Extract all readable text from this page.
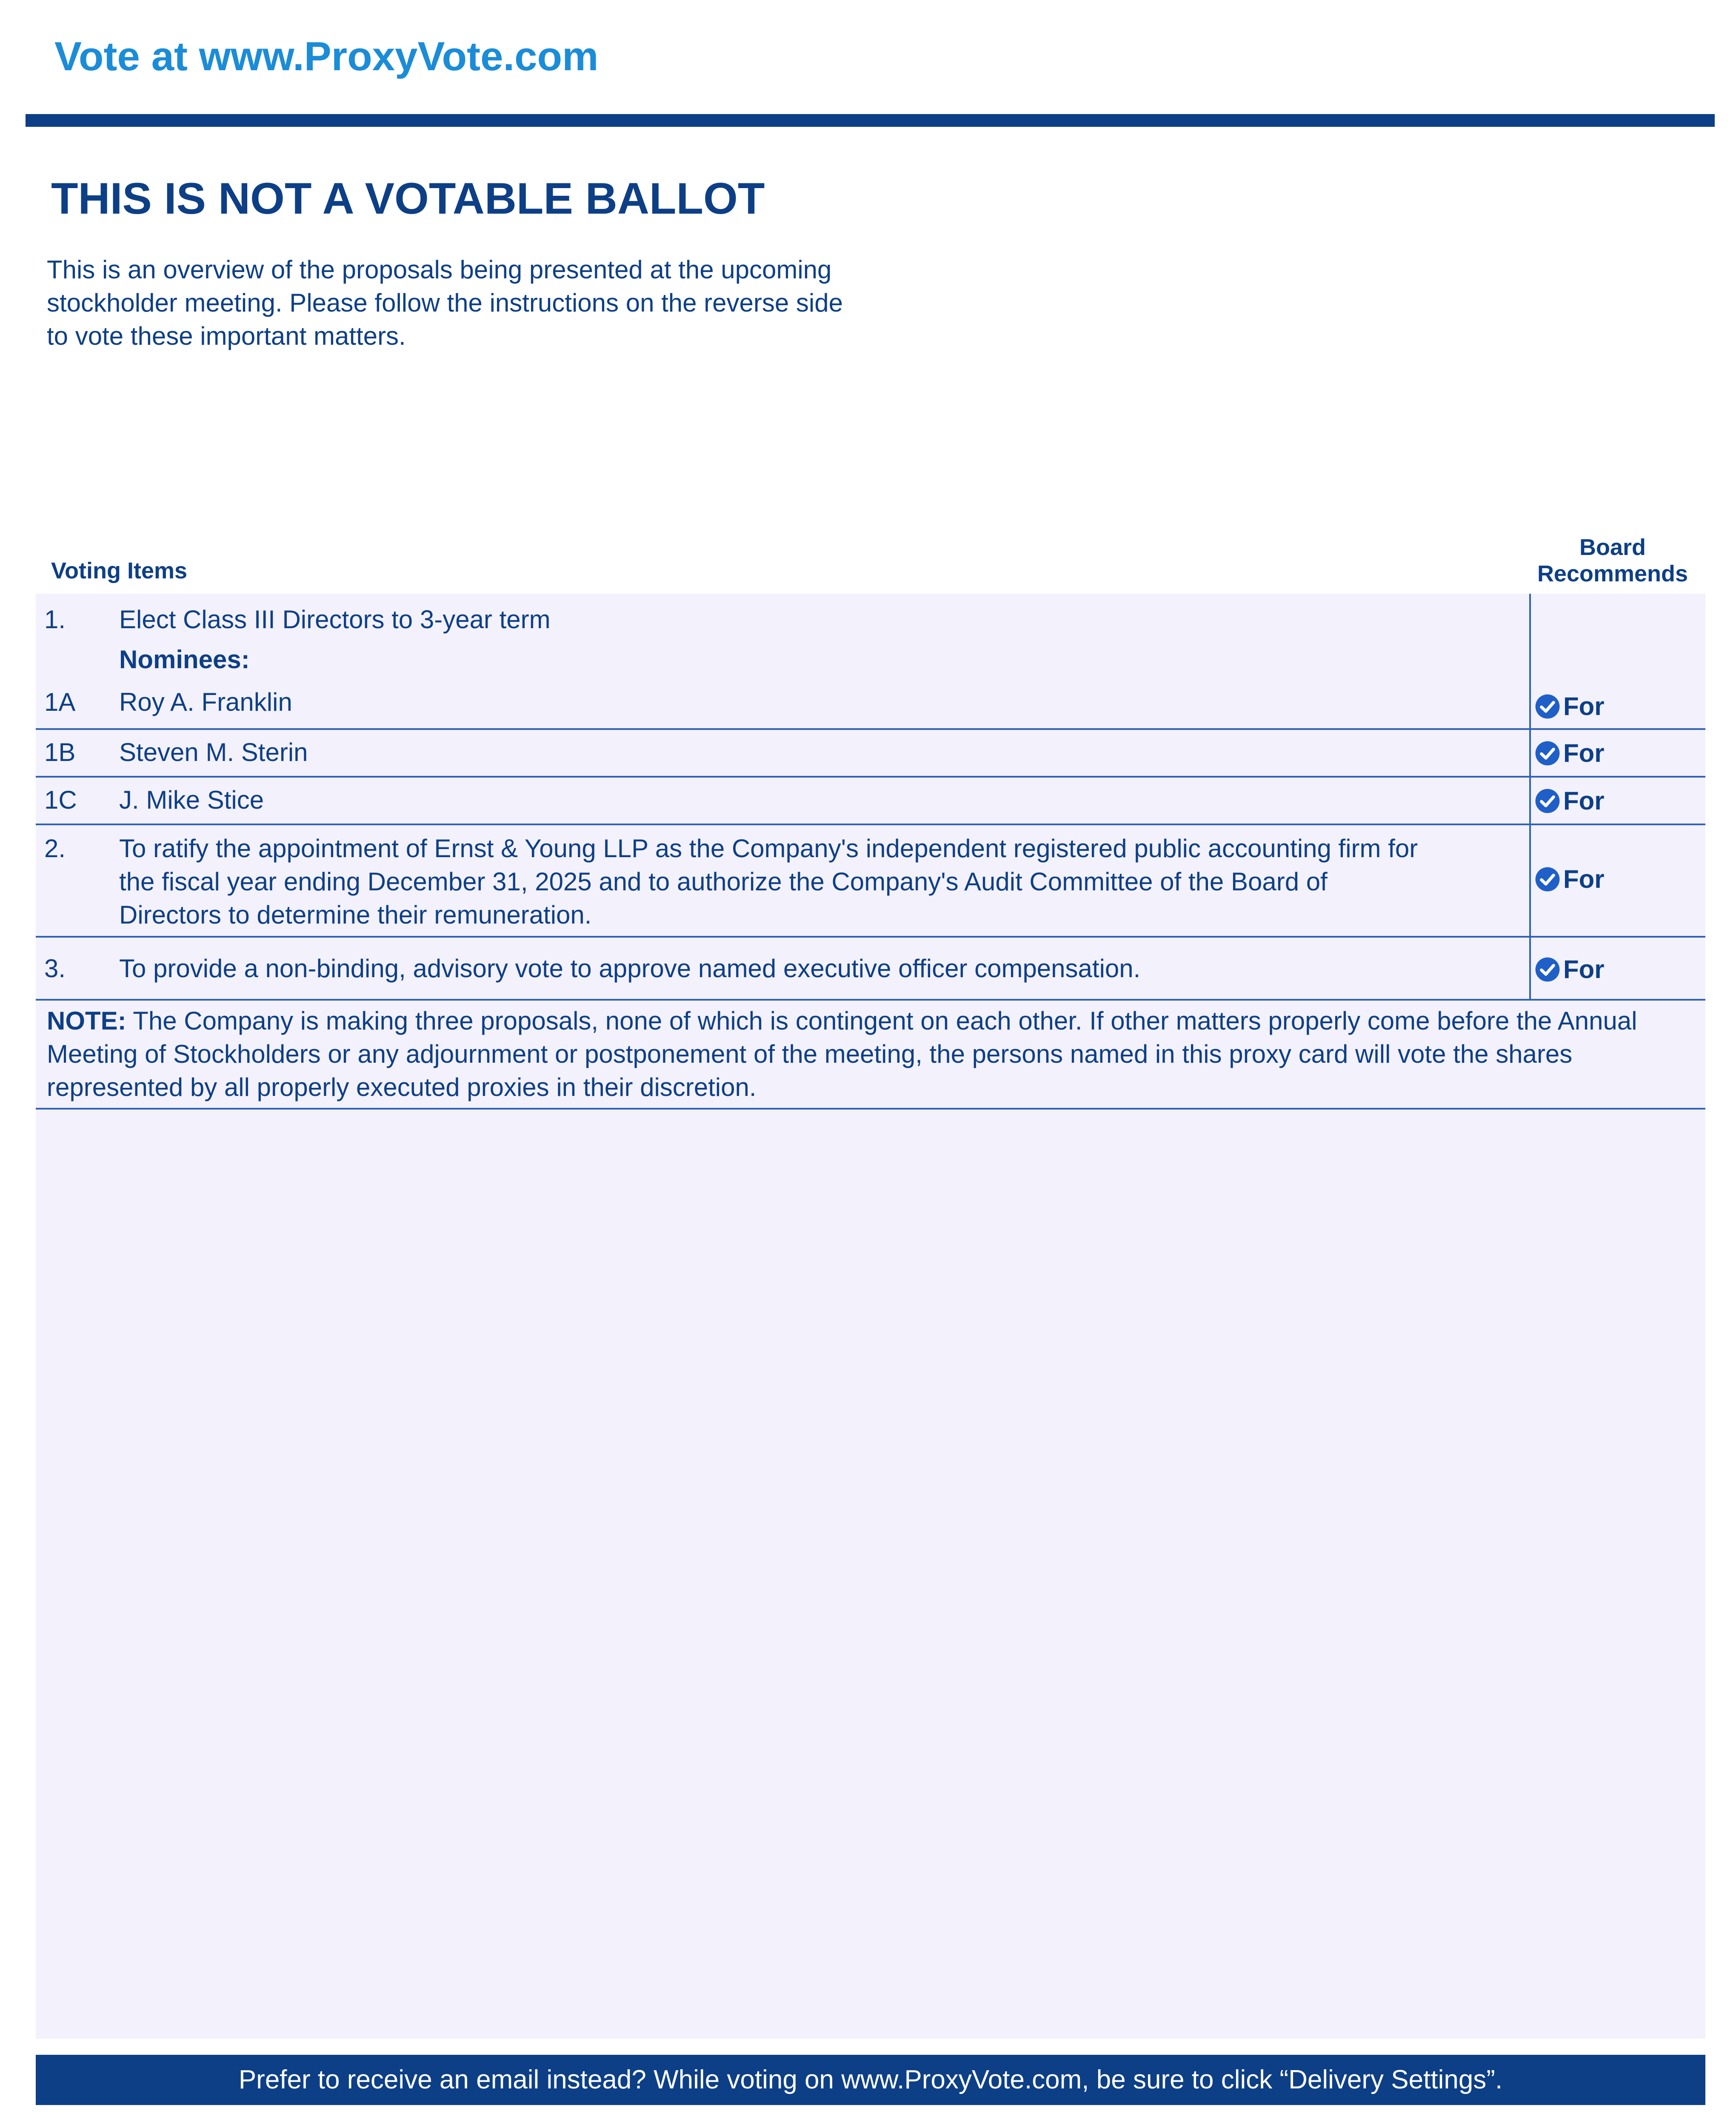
Vote at www.ProxyVote.com
THIS IS NOT A VOTABLE BALLOT
This is an overview of the proposals being presented at the upcoming stockholder meeting. Please follow the instructions on the reverse side to vote these important matters.
Voting Items
Board
Recommends
1. Elect Class III Directors to 3-year term
Nominees:
1A Roy A. Franklin	For
1B Steven M. Sterin	For
1C J. Mike Stice	For
2. To ratify the appointment of Ernst & Young LLP as the Company's independent registered public accounting firm for
the fiscal year ending December 31, 2025 and to authorize the Company's Audit Committee of the Board of
Directors to determine their remuneration.
For
3. To provide a non-binding, advisory vote to approve named executive officer compensation.	For
NOTE: The Company is making three proposals, none of which is contingent on each other. If other matters properly come before the Annual Meeting of Stockholders or any adjournment or postponement of the meeting, the persons named in this proxy card will vote the shares represented by all properly executed proxies in their discretion.
Prefer to receive an email instead? While voting on www.ProxyVote.com, be sure to click “Delivery Settings”.
